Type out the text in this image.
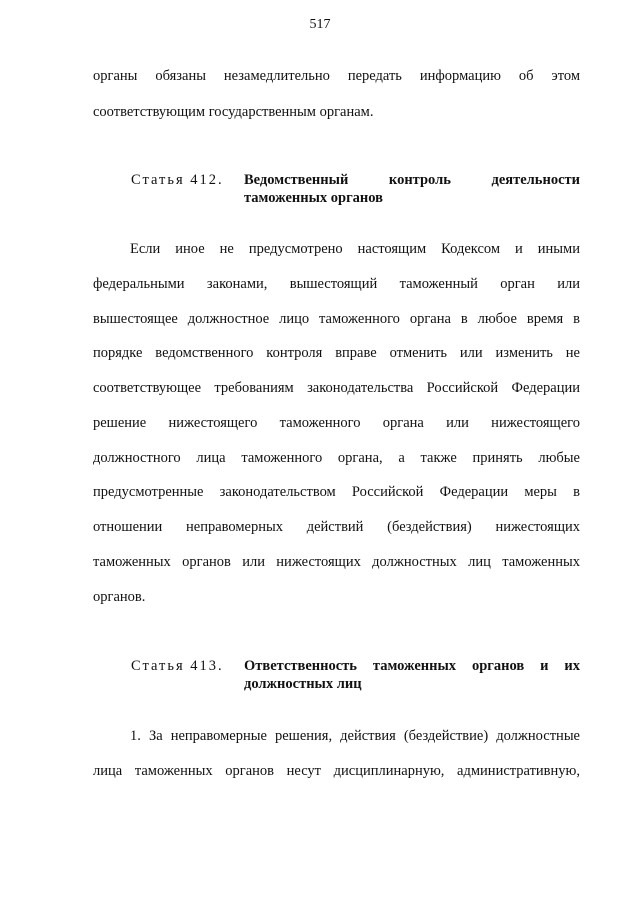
517
органы обязаны незамедлительно передать информацию об этом
соответствующим государственным органам.
Статья 412. Ведомственный контроль деятельности
таможенных органов
Если иное не предусмотрено настоящим Кодексом и иными
федеральными законами, вышестоящий таможенный орган или
вышестоящее должностное лицо таможенного органа в любое время в
порядке ведомственного контроля вправе отменить или изменить не
соответствующее требованиям законодательства Российской Федерации
решение нижестоящего таможенного органа или нижестоящего
должностного лица таможенного органа, а также принять любые
предусмотренные законодательством Российской Федерации меры в
отношении неправомерных действий (бездействия) нижестоящих
таможенных органов или нижестоящих должностных лиц таможенных
органов.
Статья 413. Ответственность таможенных органов и их
должностных лиц
1. За неправомерные решения, действия (бездействие) должностные
лица таможенных органов несут дисциплинарную, административную,
